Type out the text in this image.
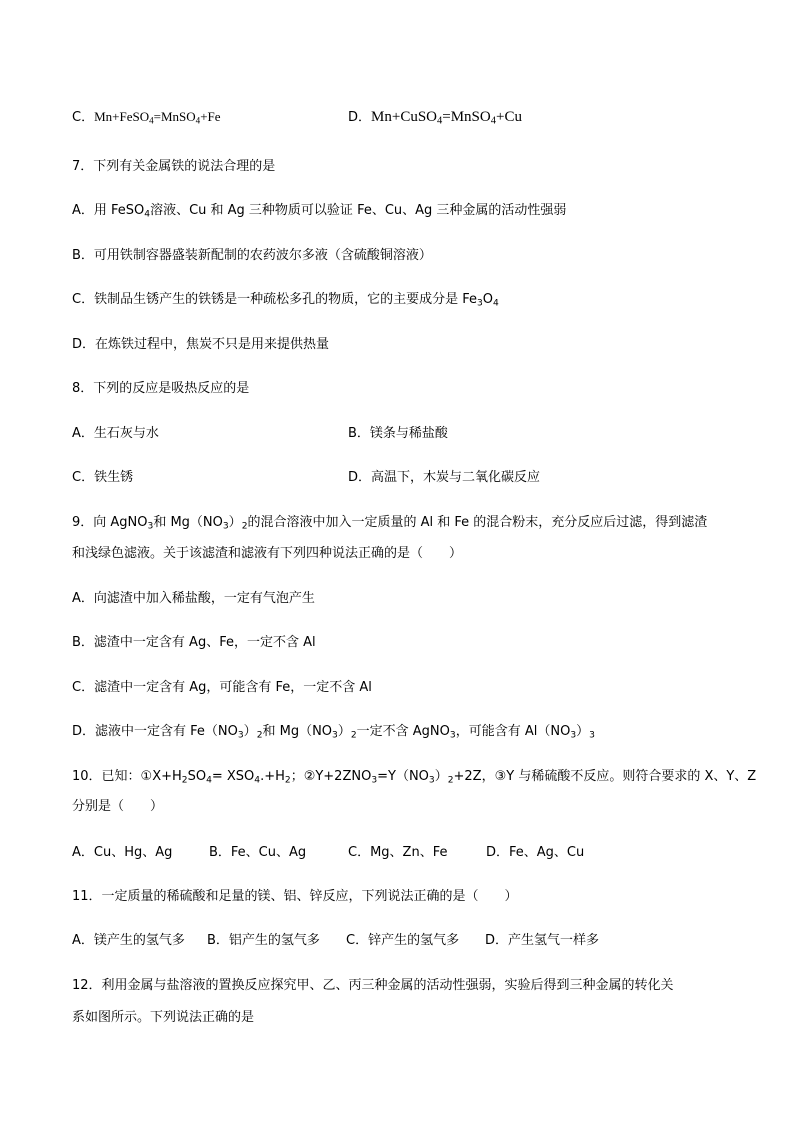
C．Mn+FeSO$_4$=MnSO$_4$+Fe	D．Mn+CuSO$_4$=MnSO$_4$+Cu
7．下列有关金属铁的说法合理的是
A．用 FeSO$_4$溶液、Cu 和 Ag 三种物质可以验证 Fe、Cu、Ag 三种金属的活动性强弱
B．可用铁制容器盛装新配制的农药波尔多液（含硫酸铜溶液）
C．铁制品生锈产生的铁锈是一种疏松多孔的物质，它的主要成分是 $Fe_3O_4$
D．在炼铁过程中，焦炭不只是用来提供热量
8．下列的反应是吸热反应的是
A．生石灰与水	B．镁条与稀盐酸
C．铁生锈	D．高温下，木炭与二氧化碳反应
9．向 AgNO$_3$和 $Mg(NO_3)_2$的混合溶液中加入一定质量的 Al 和 Fe 的混合粉末，充分反应后过滤，得到滤渣
和浅绿色滤液。关于该滤渣和滤液有下列四种说法正确的是（　　）
A．向滤渣中加入稀盐酸，一定有气泡产生
B．滤渣中一定含有 Ag、Fe，一定不含 Al
C．滤渣中一定含有 Ag，可能含有 Fe，一定不含 Al
D．滤液中一定含有 $Fe(NO_3)_2$和 $Mg(NO_3)_2$一定不含 AgNO$_3$，可能含有 $Al(NO_3)_3$
10．已知：$①X+H_2SO_4= XSO_4.+H_2$；$②Y+2ZNO_3=Y(NO_3)_2+2Z$，③Y 与稀硫酸不反应。则符合要求的 X、Y、Z
分别是（　　）
A．Cu、Hg、Ag	B．Fe、Cu、Ag	C．Mg、Zn、Fe	D．Fe、Ag、Cu
11．一定质量的稀硫酸和足量的镁、铝、锌反应，下列说法正确的是（　　）
A．镁产生的氢气多 B．铝产生的氢气多 C．锌产生的氢气多 D．产生氢气一样多
12．利用金属与盐溶液的置换反应探究甲、乙、丙三种金属的活动性强弱，实验后得到三种金属的转化关
系如图所示。下列说法正确的是
